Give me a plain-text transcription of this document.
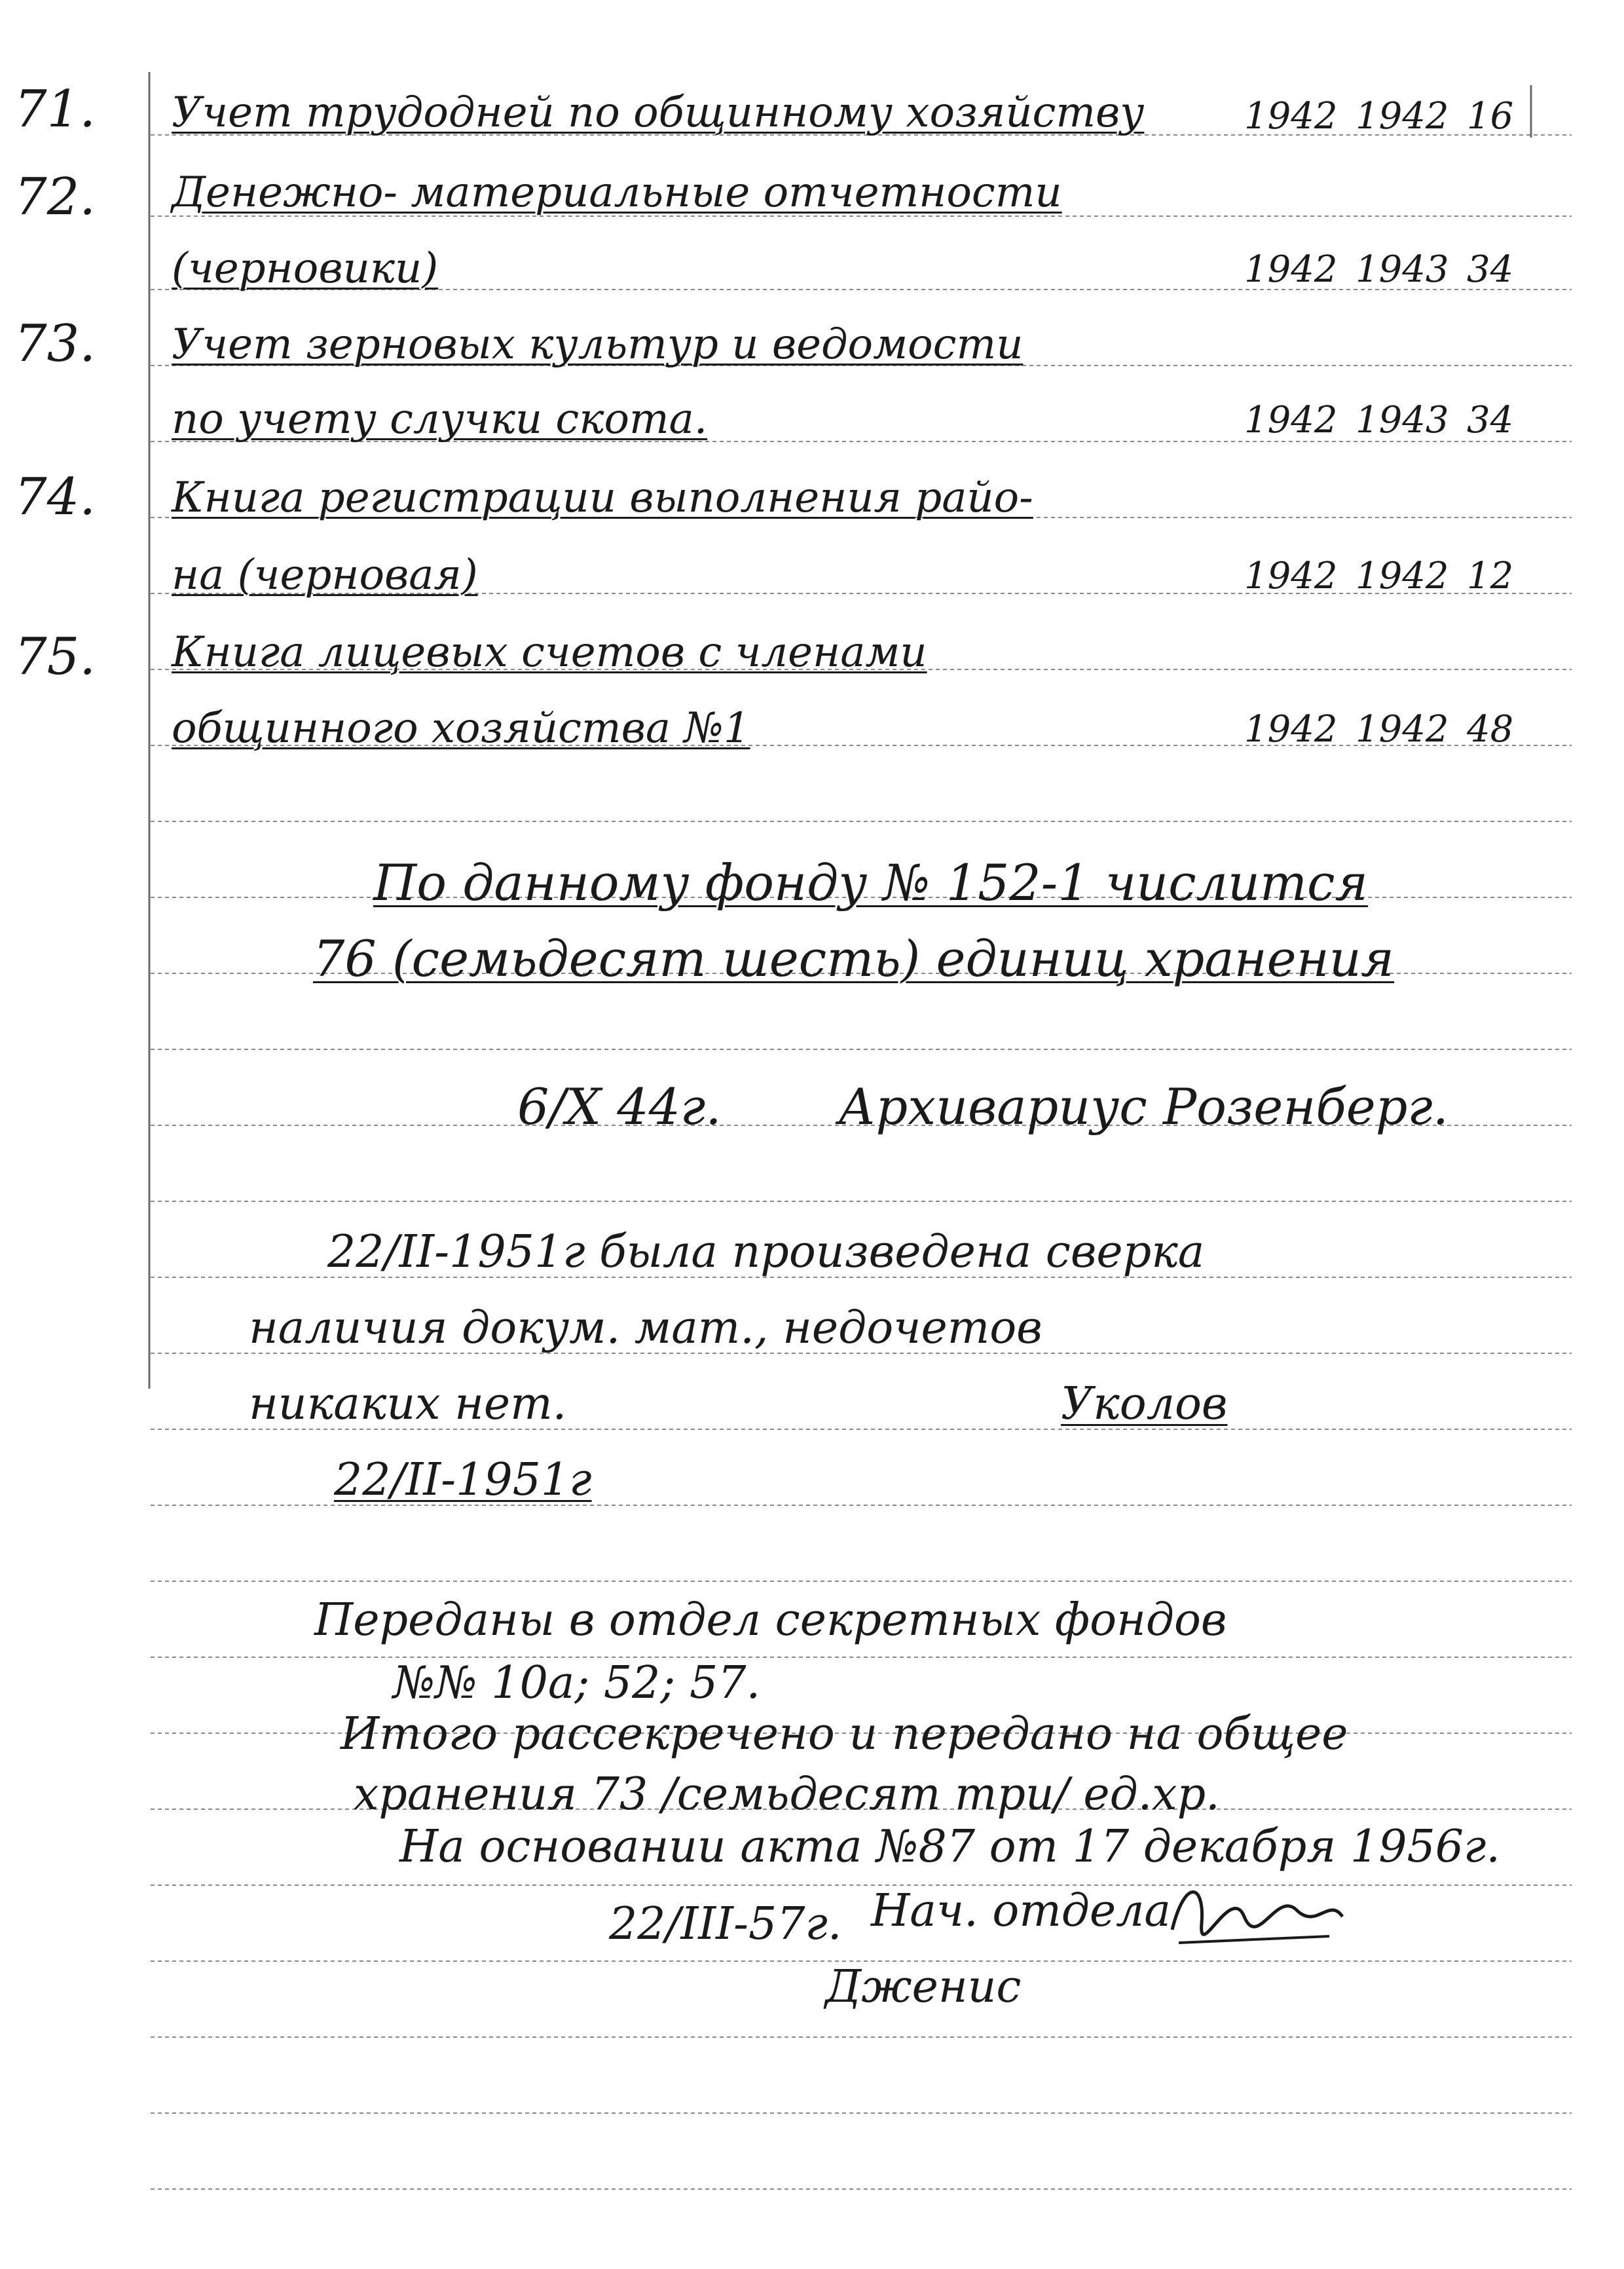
71. Учет трудодней по общинному хозяйству	1942 1942 16
72. Денежно- материальные отчетности
(черновики)	1942 1943 34
73. Учет зерновых культур и ведомости
по учету случки скота.	1942 1943 34
74. Книга регистрации выполнения райо-
на (черновая)	1942 1942 12
75. Книга лицевых счетов с членами
общинного хозяйства №1	1942 1942 48
По данному фонду № 152-1 числится
76 (семьдесят шесть) единиц хранения
6/X 44г. Архивариус Розенберг.
22/II-1951г была произведена сверка
наличия докум. мат., недочетов
никаких нет.	Уколов
22/II-1951г
Переданы в отдел секретных фондов
№№ 10а; 52; 57.
Итого рассекречено и передано на общее
хранения 73 /семьдесят три/ ед.хр.
На основании акта №87 от 17 декабря 1956г.
22/III-57г. Нач. отдела
Дженис
